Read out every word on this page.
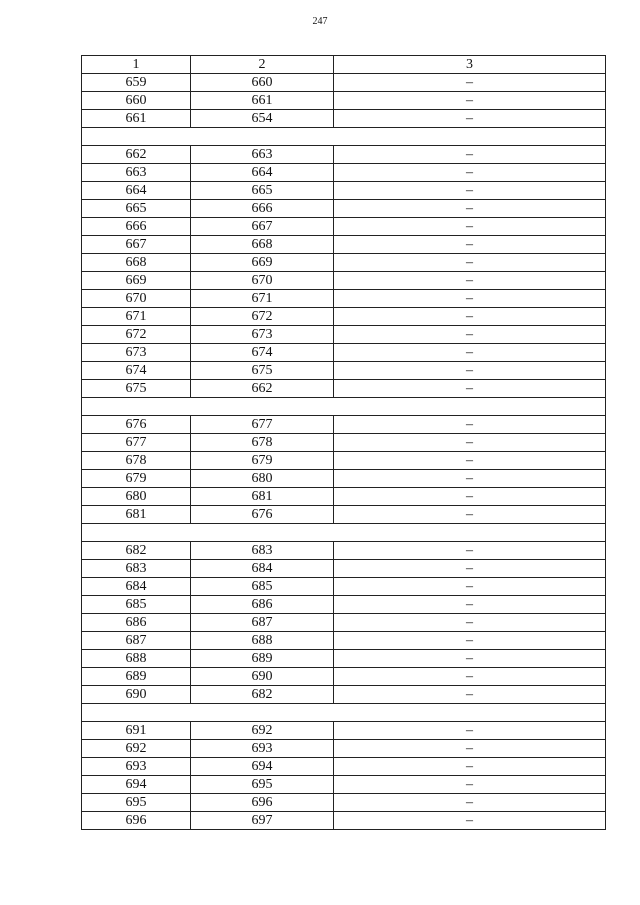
247
1	2	3
659	660	–
660	661	–
661	654	–

662	663	–
663	664	–
664	665	–
665	666	–
666	667	–
667	668	–
668	669	–
669	670	–
670	671	–
671	672	–
672	673	–
673	674	–
674	675	–
675	662	–

676	677	–
677	678	–
678	679	–
679	680	–
680	681	–
681	676	–

682	683	–
683	684	–
684	685	–
685	686	–
686	687	–
687	688	–
688	689	–
689	690	–
690	682	–

691	692	–
692	693	–
693	694	–
694	695	–
695	696	–
696	697	–
